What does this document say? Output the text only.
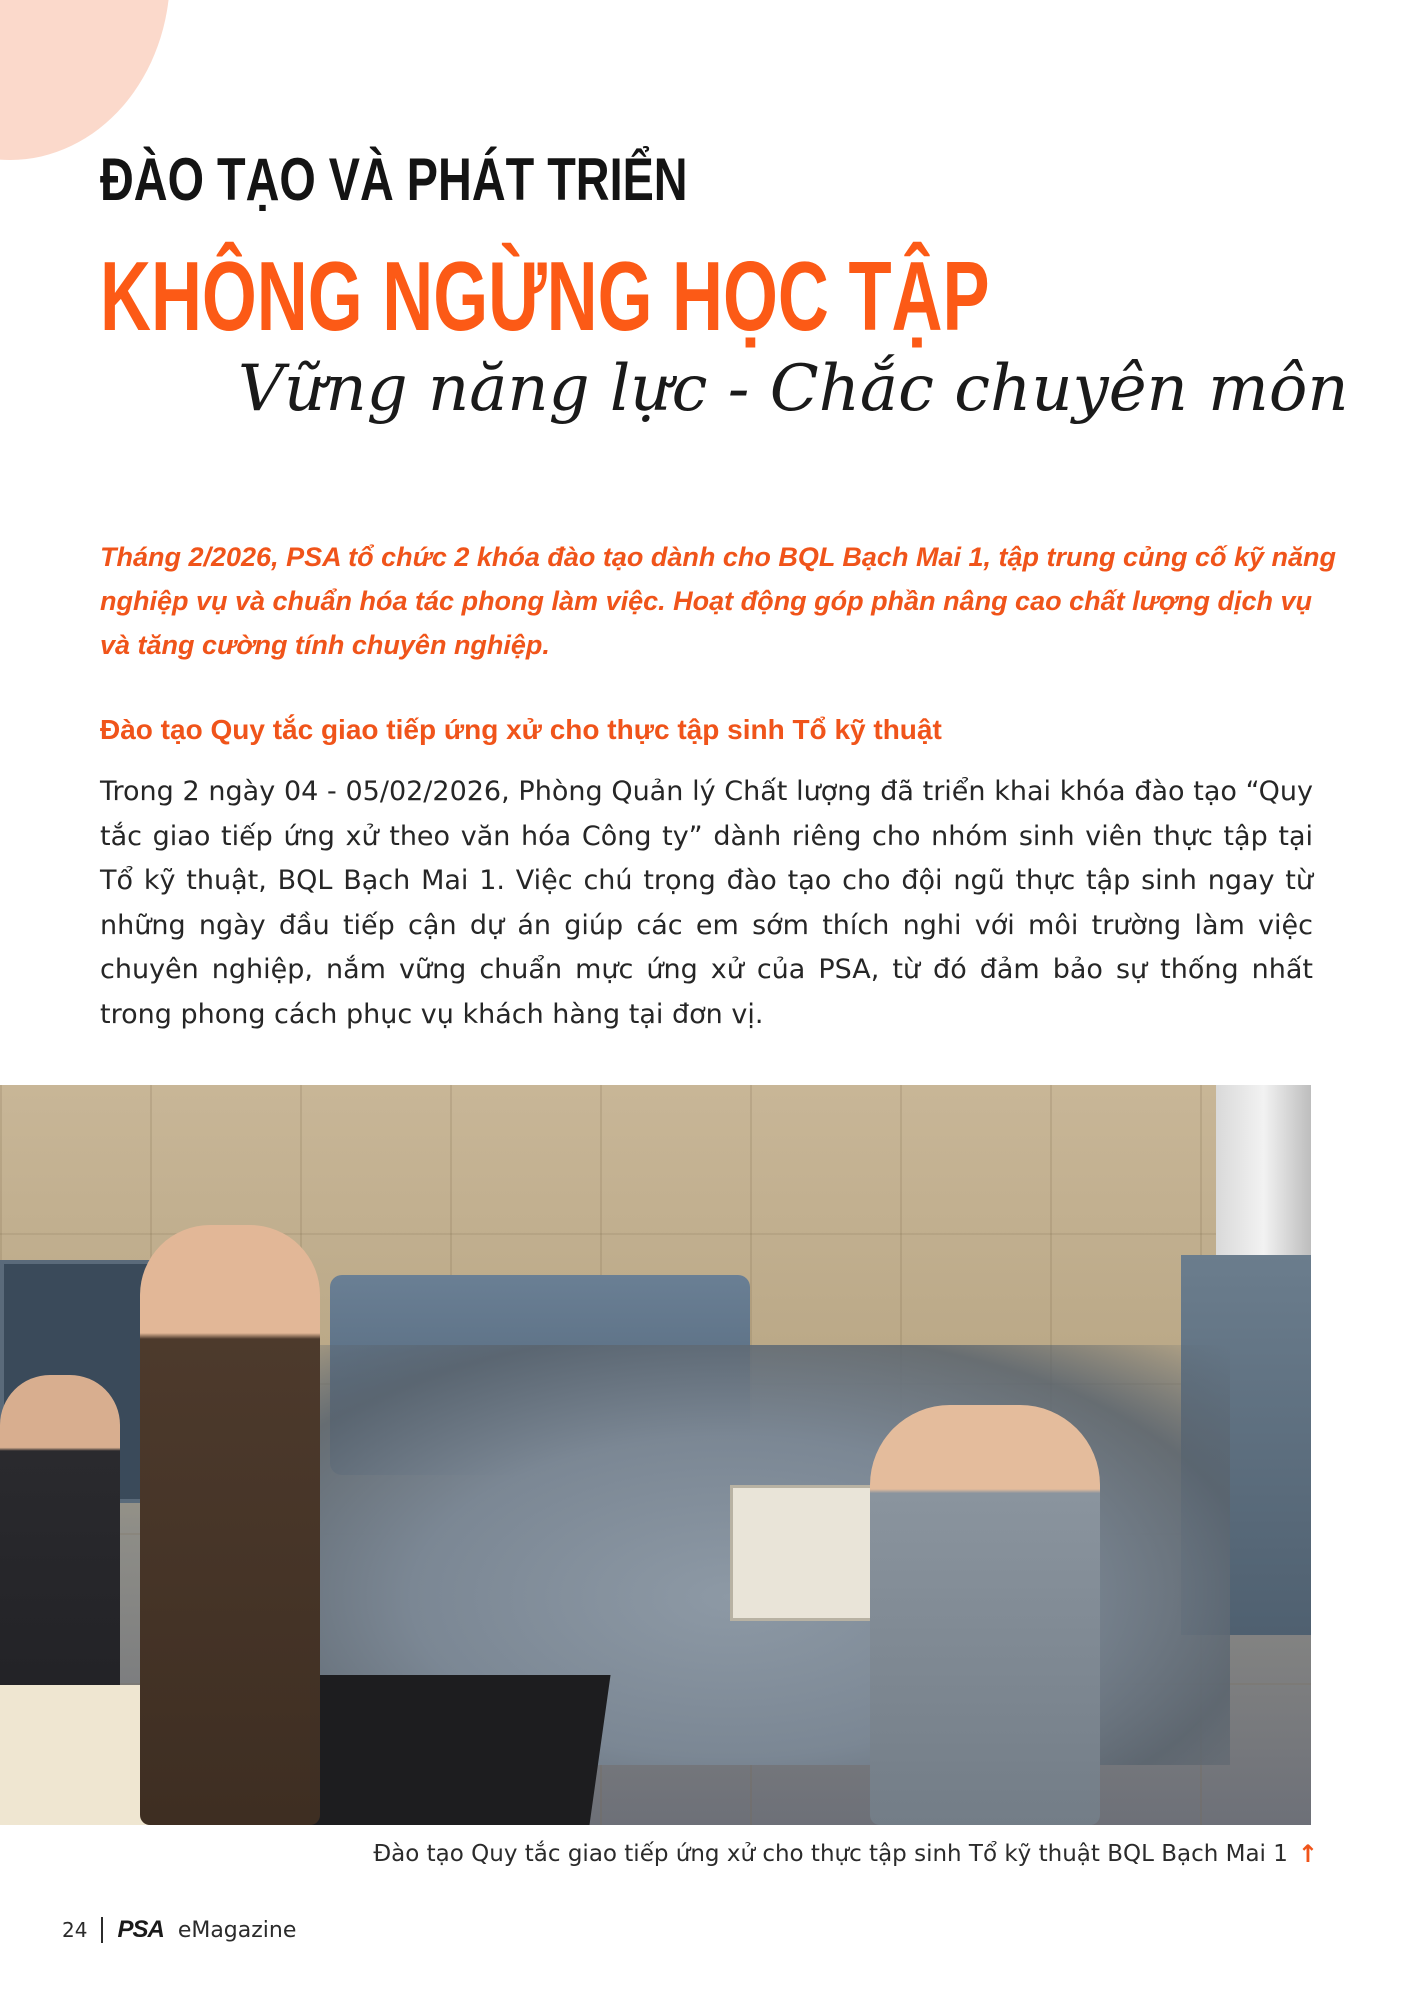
ĐÀO TẠO VÀ PHÁT TRIỂN
KHÔNG NGỪNG HỌC TẬP
Vững năng lực - Chắc chuyên môn

Tháng 2/2026, PSA tổ chức 2 khóa đào tạo dành cho BQL Bạch Mai 1, tập trung củng cố kỹ năng nghiệp vụ và chuẩn hóa tác phong làm việc. Hoạt động góp phần nâng cao chất lượng dịch vụ và tăng cường tính chuyên nghiệp.

Đào tạo Quy tắc giao tiếp ứng xử cho thực tập sinh Tổ kỹ thuật

Trong 2 ngày 04 - 05/02/2026, Phòng Quản lý Chất lượng đã triển khai khóa đào tạo “Quy tắc giao tiếp ứng xử theo văn hóa Công ty” dành riêng cho nhóm sinh viên thực tập tại Tổ kỹ thuật, BQL Bạch Mai 1. Việc chú trọng đào tạo cho đội ngũ thực tập sinh ngay từ những ngày đầu tiếp cận dự án giúp các em sớm thích nghi với môi trường làm việc chuyên nghiệp, nắm vững chuẩn mực ứng xử của PSA, từ đó đảm bảo sự thống nhất trong phong cách phục vụ khách hàng tại đơn vị.

Đào tạo Quy tắc giao tiếp ứng xử cho thực tập sinh Tổ kỹ thuật BQL Bạch Mai 1 ↑
24 PSA eMagazine
